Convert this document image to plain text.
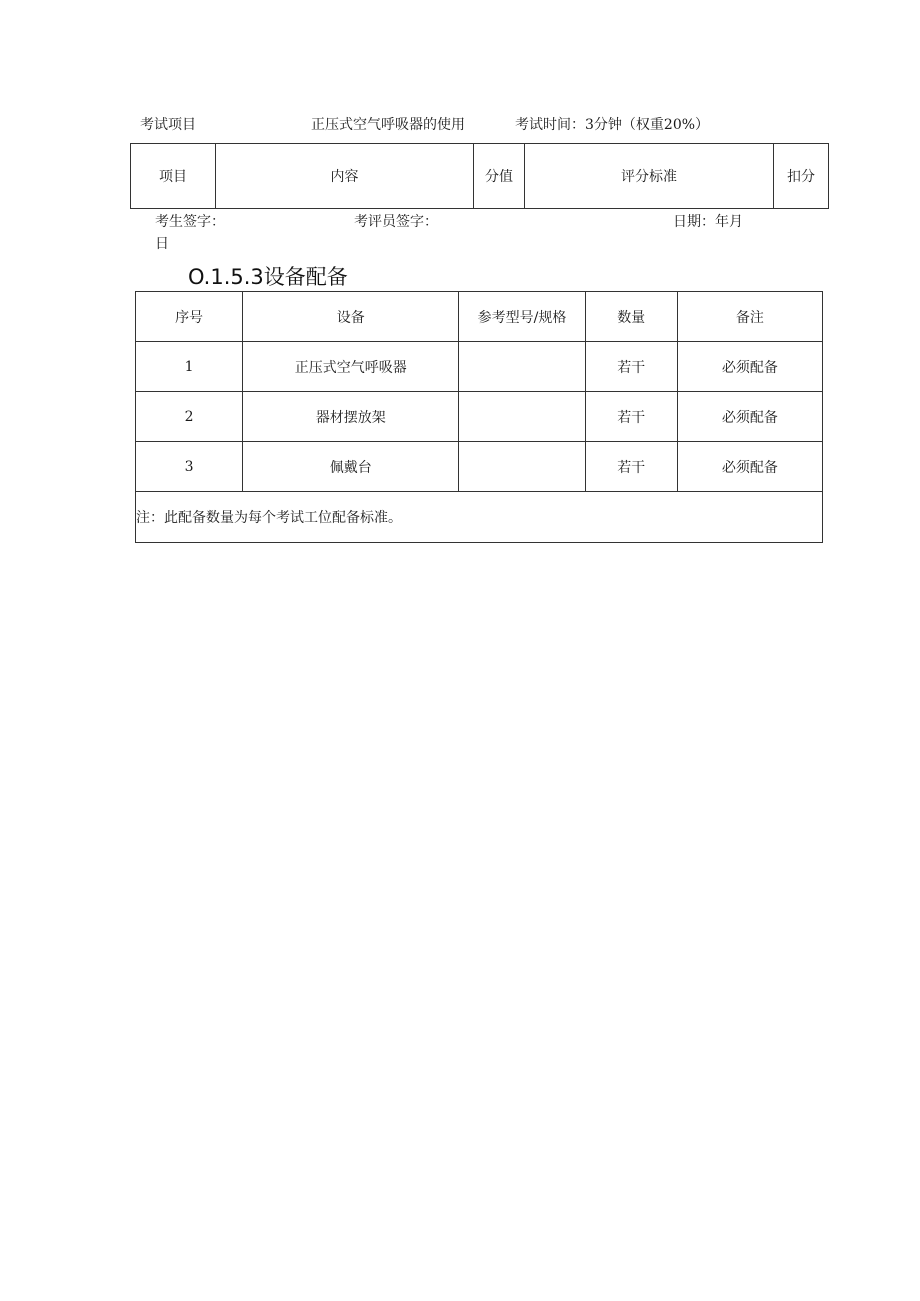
考试项目	正压式空气呼吸器的使用	考试时间：3分钟（权重20%）
项目	内容	分值	评分标准	扣分
考生签字：	考评员签字：	日期：年月
日
O.1.5.3设备配备
序号	设备	参考型号/规格	数量	备注
1	正压式空气呼吸器		若干	必须配备
2	器材摆放架		若干	必须配备
3	佩戴台		若干	必须配备
注：此配备数量为每个考试工位配备标准。				
